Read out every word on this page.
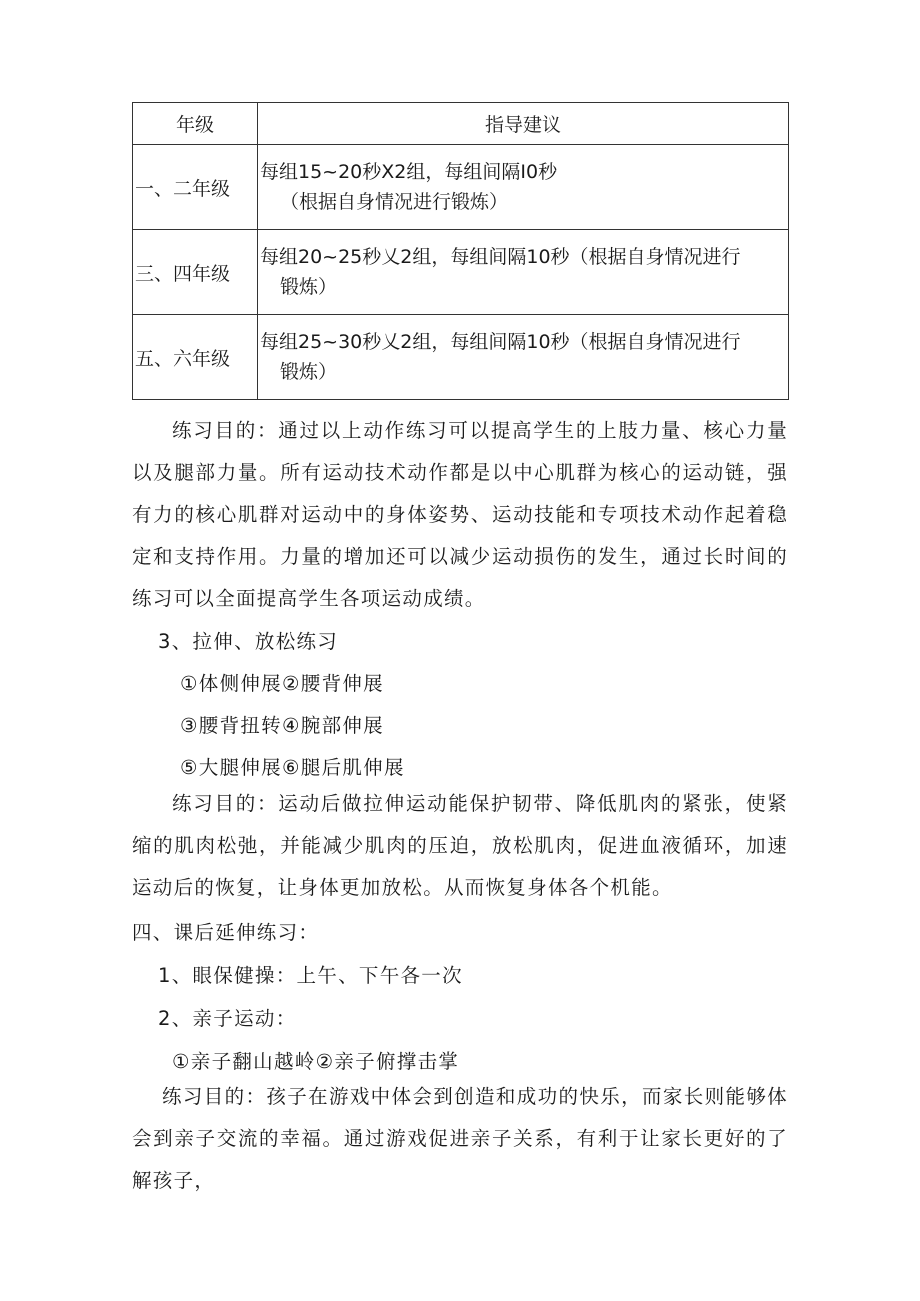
年级	指导建议
一、二年级	每组15~20秒X2组，每组间隔I0秒
（根据自身情况进行锻炼）

三、四年级	每组20~25秒乂2组，每组间隔10秒（根据自身情况进行
锻炼）

五、六年级	每组25~30秒乂2组，每组间隔10秒（根据自身情况进行
锻炼）

练习目的：通过以上动作练习可以提高学生的上肢力量、核心力量以及腿部力量。所有运动技术动作都是以中心肌群为核心的运动链，强有力的核心肌群对运动中的身体姿势、运动技能和专项技术动作起着稳定和支持作用。力量的增加还可以减少运动损伤的发生，通过长时间的练习可以全面提高学生各项运动成绩。

3、拉伸、放松练习
①体侧伸展②腰背伸展
③腰背扭转④腕部伸展
⑤大腿伸展⑥腿后肌伸展

练习目的：运动后做拉伸运动能保护韧带、降低肌肉的紧张，使紧缩的肌肉松弛，并能减少肌肉的压迫，放松肌肉，促进血液循环，加速运动后的恢复，让身体更加放松。从而恢复身体各个机能。

四、课后延伸练习：
1、眼保健操：上午、下午各一次
2、亲子运动：
①亲子翻山越岭②亲子俯撑击掌

练习目的：孩子在游戏中体会到创造和成功的快乐，而家长则能够体会到亲子交流的幸福。通过游戏促进亲子关系，有利于让家长更好的了解孩子，
